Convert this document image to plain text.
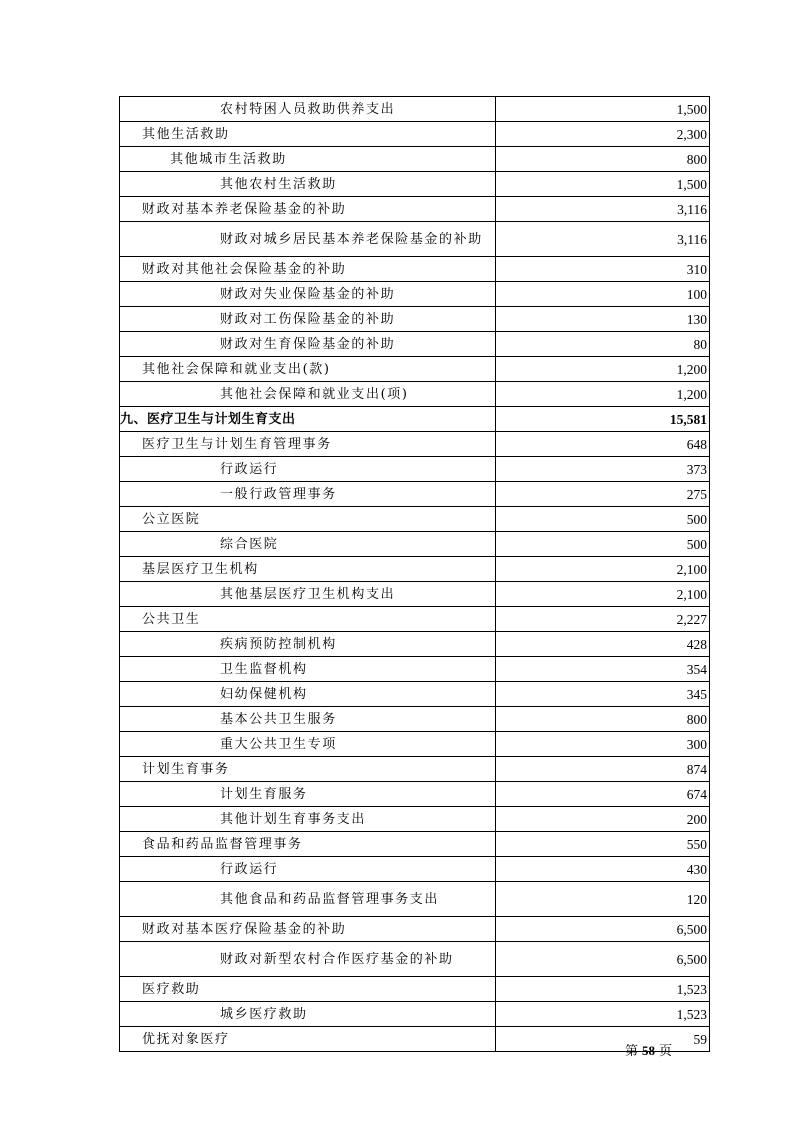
农村特困人员救助供养支出	1,500
其他生活救助	2,300
其他城市生活救助	800
其他农村生活救助	1,500
财政对基本养老保险基金的补助	3,116
财政对城乡居民基本养老保险基金的补助	3,116
财政对其他社会保险基金的补助	310
财政对失业保险基金的补助	100
财政对工伤保险基金的补助	130
财政对生育保险基金的补助	80
其他社会保障和就业支出(款)	1,200
其他社会保障和就业支出(项)	1,200
九、医疗卫生与计划生育支出	15,581
医疗卫生与计划生育管理事务	648
行政运行	373
一般行政管理事务	275
公立医院	500
综合医院	500
基层医疗卫生机构	2,100
其他基层医疗卫生机构支出	2,100
公共卫生	2,227
疾病预防控制机构	428
卫生监督机构	354
妇幼保健机构	345
基本公共卫生服务	800
重大公共卫生专项	300
计划生育事务	874
计划生育服务	674
其他计划生育事务支出	200
食品和药品监督管理事务	550
行政运行	430
其他食品和药品监督管理事务支出	120
财政对基本医疗保险基金的补助	6,500
财政对新型农村合作医疗基金的补助	6,500
医疗救助	1,523
城乡医疗救助	1,523
优抚对象医疗	59
第 58 页
